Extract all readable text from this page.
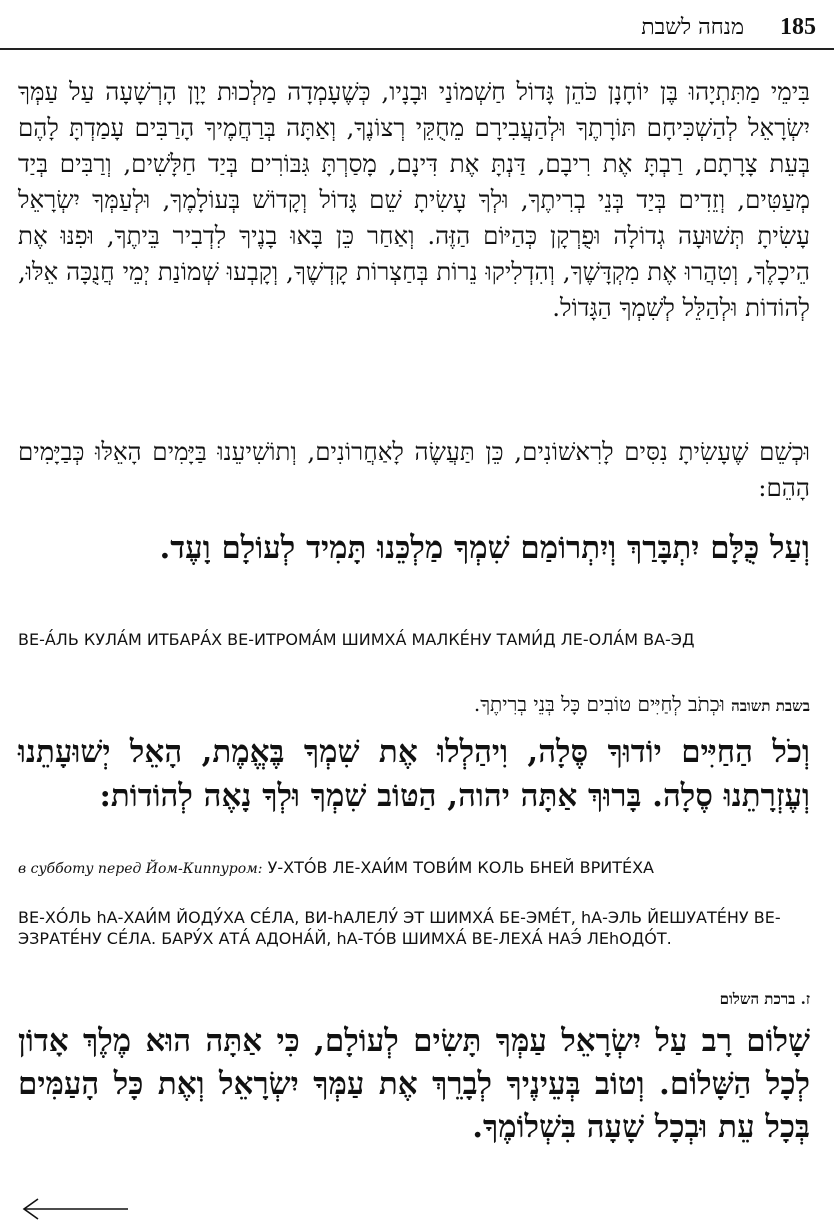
185
מנחה לשבת

בִּימֵי מַתִּתְיָהוּ בֶּן יוֹחָנָן כֹּהֵן גָּדוֹל חַשְׁמוֹנַי וּבָנָיו, כְּשֶׁעָמְדָה מַלְכוּת יָוָן הָרְשָׁעָה עַל עַמְּךָ יִשְׂרָאֵל לְהַשְׁכִּיחָם תּוֹרָתֶךָ וּלְהַעֲבִירָם מֵחֻקֵּי רְצוֹנֶךָ, וְאַתָּה בְּרַחֲמֶיךָ הָרַבִּים עָמַדְתָּ לָהֶם בְּעֵת צָרָתָם, רַבְתָּ אֶת רִיבָם, דַּנְתָּ אֶת דִּינָם, מָסַרְתָּ גִּבּוֹרִים בְּיַד חַלָּשִׁים, וְרַבִּים בְּיַד מְעַטִּים, וְזֵדִים בְּיַד בְּנֵי בְרִיתֶךָ, וּלְךָ עָשִׂיתָ שֵׁם גָּדוֹל וְקָדוֹשׁ בְּעוֹלָמֶךָ, וּלְעַמְּךָ יִשְׂרָאֵל עָשִׂיתָ תְּשׁוּעָה גְדוֹלָה וּפֻרְקָן כְּהַיּוֹם הַזֶּה. וְאַחַר כֵּן בָּאוּ בָנֶיךָ לִדְבִיר בֵּיתֶךָ, וּפִנּוּ אֶת הֵיכָלֶךָ, וְטִהֲרוּ אֶת מִקְדָּשֶׁךָ, וְהִדְלִיקוּ נֵרוֹת בְּחַצְרוֹת קָדְשֶׁךָ, וְקָבְעוּ שְׁמוֹנַת יְמֵי חֲנֻכָּה אֵלּוּ, לְהוֹדוֹת וּלְהַלֵּל לְשִׁמְךָ הַגָּדוֹל.

וּכְשֵׁם שֶׁעָשִׂיתָ נִסִּים לָרִאשׁוֹנִים, כֵּן תַּעֲשֶׂה לָאַחֲרוֹנִים, וְתוֹשִׁיעֵנוּ בַּיָּמִים הָאֵלּוּ כְּבַיָּמִים הָהֵם:

וְעַל כֻּלָּם יִתְבָּרַךְ וְיִתְרוֹמַם שִׁמְךָ מַלְכֵּנוּ תָּמִיד לְעוֹלָם וָעֶד.

ВЕ-А́ЛЬ КУЛА́М ИТБАРА́Х ВЕ-ИТРОМА́М ШИМХА́ МАЛКЕ́НУ ТАМИ́Д ЛЕ-ОЛА́М ВА-ЭД

בשבת תשובה וּכְתֹב לְחַיִּים טוֹבִים כָּל בְּנֵי בְרִיתֶךָ.

וְכֹל הַחַיִּים יוֹדוּךָ סֶּלָה, וִיהַלְלוּ אֶת שִׁמְךָ בֶּאֱמֶת, הָאֵל יְשׁוּעָתֵנוּ וְעֶזְרָתֵנוּ סֶלָה. בָּרוּךְ אַתָּה יהוה, הַטּוֹב שִׁמְךָ וּלְךָ נָאֶה לְהוֹדוֹת:

в субботу перед Йом-Киппуром: У-ХТО́В ЛЕ-ХАИ́М ТОВИ́М КОЛЬ БНЕЙ ВРИТЕ́ХА

ВЕ-ХО́ЛЬ hА-ХАИ́М ЙОДУ́ХА СЕ́ЛА, ВИ-hАЛЕЛУ́ ЭТ ШИМХА́ БЕ-ЭМЕ́Т, hА-ЭЛЬ ЙЕШУАТЕ́НУ ВЕ-ЭЗРАТЕ́НУ СЕ́ЛА. БАРУ́Х АТА́ АДОНА́Й, hА-ТО́В ШИМХА́ ВЕ-ЛЕХА́ НАЭ́ ЛЕhОДО́Т.

ז. ברכת השלום

שָׁלוֹם רָב עַל יִשְׂרָאֵל עַמְּךָ תָּשִׂים לְעוֹלָם, כִּי אַתָּה הוּא מֶלֶךְ אָדוֹן לְכָל הַשָּׁלוֹם. וְטוֹב בְּעֵינֶיךָ לְבָרֵךְ אֶת עַמְּךָ יִשְׂרָאֵל וְאֶת כָּל הָעַמִּים בְּכָל עֵת וּבְכָל שָׁעָה בִּשְׁלוֹמֶךָ.
